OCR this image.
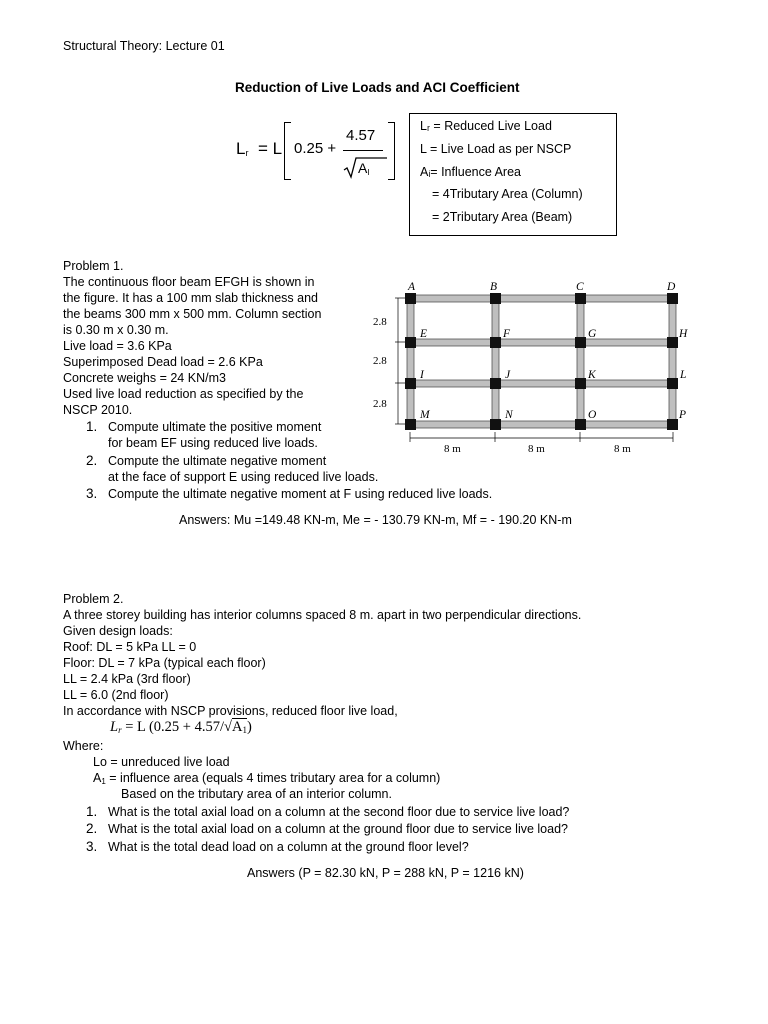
Structural Theory: Lecture 01
Reduction of Live Loads and ACI Coefficient
$L_r = L$ 0.25 +
4.57
$A_I$
Lᵣ = Reduced Live Load
L = Live Load as per NSCP
Aᵢ= Influence Area
= 4Tributary Area (Column)
= 2Tributary Area (Beam)
Problem 1.
The continuous floor beam EFGH is shown in
the figure. It has a 100 mm slab thickness and
the beams 300 mm x 500 mm. Column section
is 0.30 m x 0.30 m.
Live load = 3.6 KPa
Superimposed Dead load = 2.6 KPa
Concrete weighs = 24 KN/m3
Used live load reduction as specified by the
NSCP 2010.
1. Compute ultimate the positive moment
for beam EF using reduced live loads.
2. Compute the ultimate negative moment
at the face of support E using reduced live loads.
3. Compute the ultimate negative moment at F using reduced live loads.
Answers: Mu =149.48 KN-m, Me = - 130.79 KN-m, Mf = - 190.20 KN-m
A	B	C	D
E	F	G	H
I	J	K	L
M	N	O	P
2.8
2.8
2.8
8 m	8 m	8 m
Problem 2.
A three storey building has interior columns spaced 8 m. apart in two perpendicular directions.
Given design loads:
Roof: DL = 5 kPa LL = 0
Floor: DL = 7 kPa (typical each floor)
LL = 2.4 kPa (3rd floor)
LL = 6.0 (2nd floor)
In accordance with NSCP provisions, reduced floor live load,
$L_r = L$ $(0.25 + 4.57/√A_1)$
Where:
Lo = unreduced live load
$A_1$ = influence area (equals 4 times tributary area for a column)
Based on the tributary area of an interior column.
1. What is the total axial load on a column at the second floor due to service live load?
2. What is the total axial load on a column at the ground floor due to service live load?
3. What is the total dead load on a column at the ground floor level?
Answers (P = 82.30 kN, P = 288 kN, P = 1216 kN)
